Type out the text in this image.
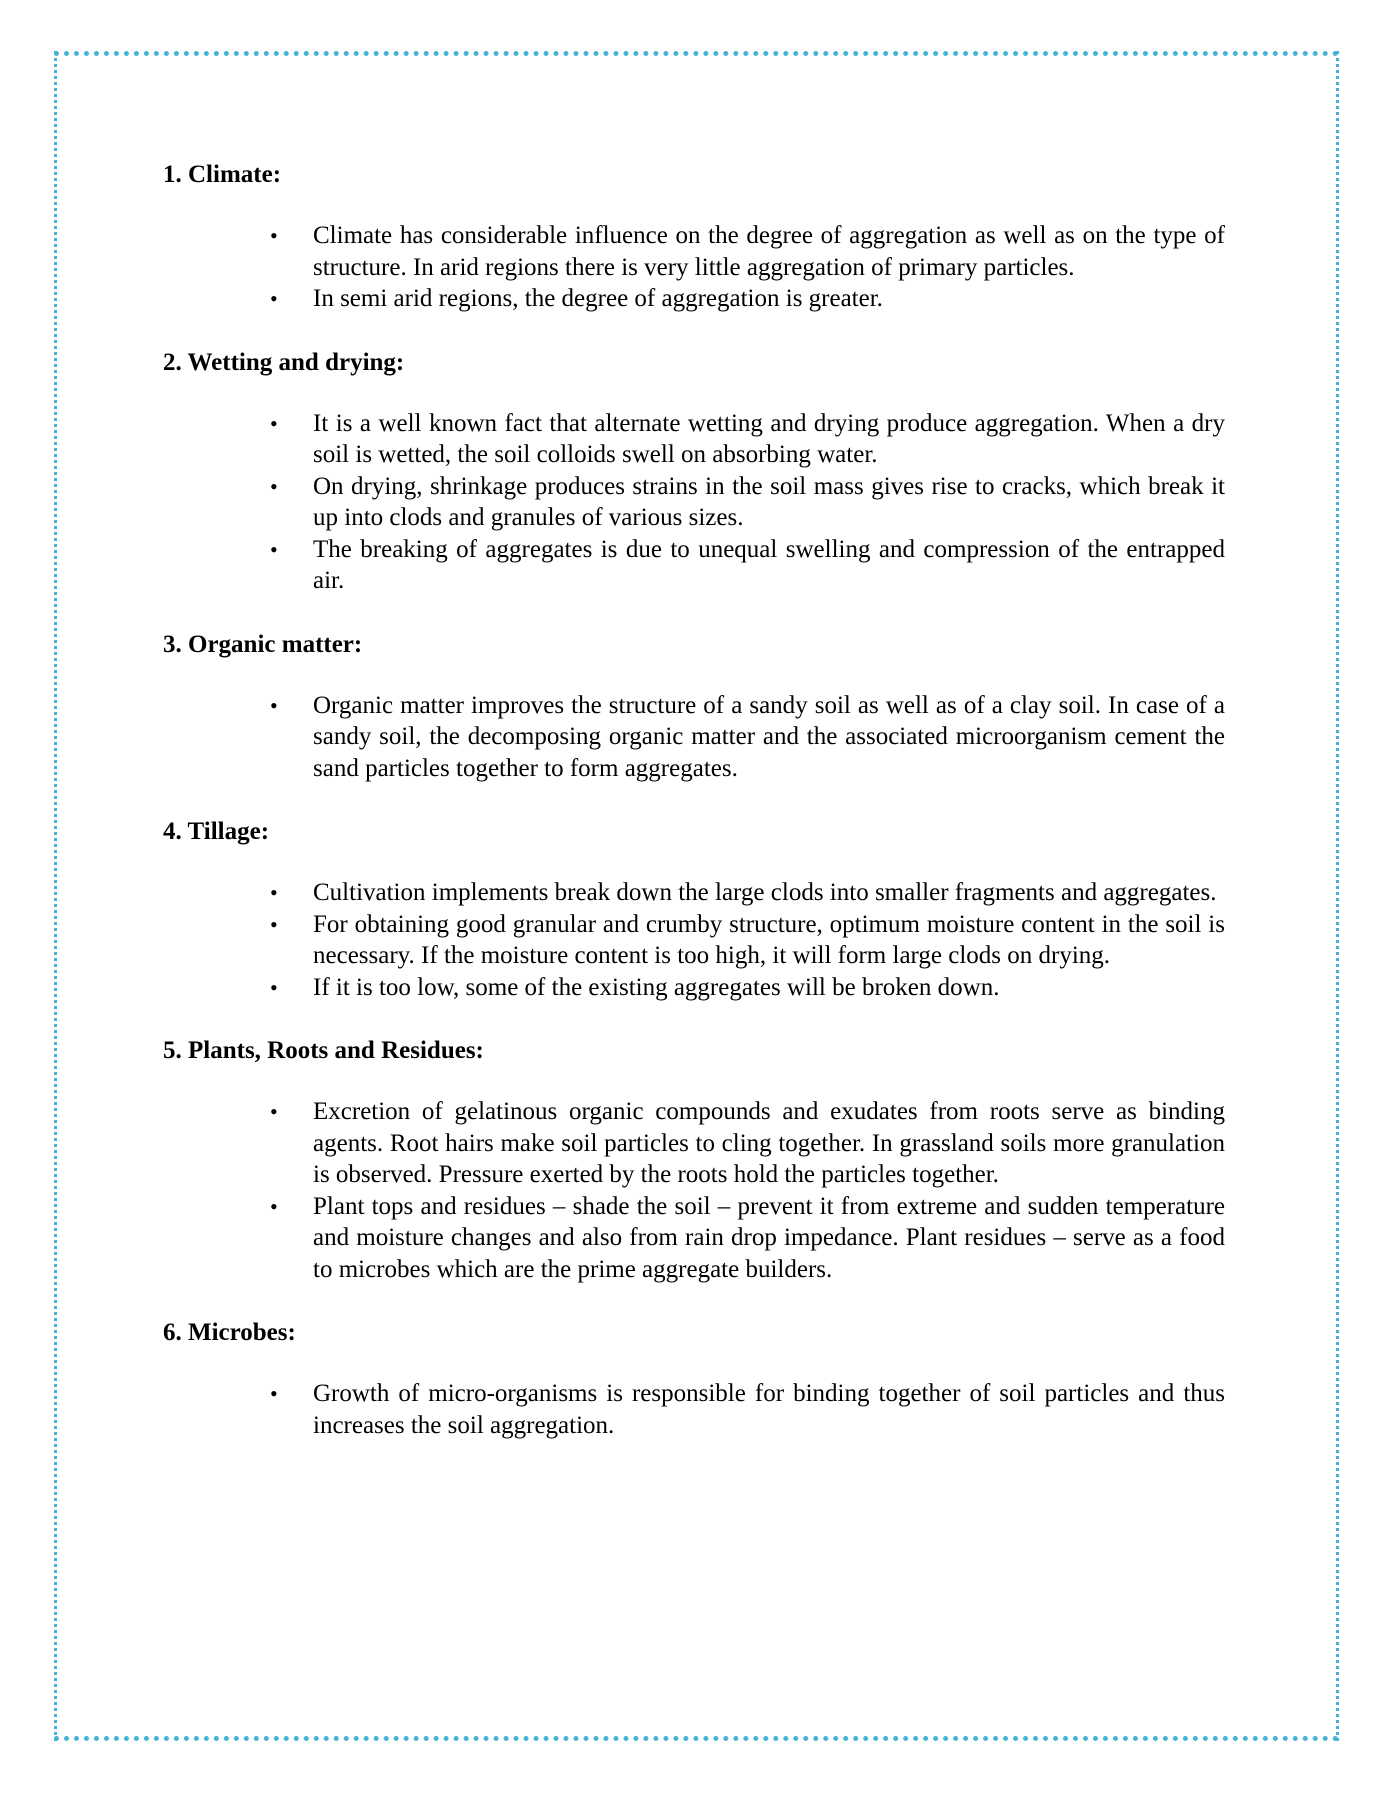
1. Climate:
• Climate has considerable influence on the degree of aggregation as well as on the type of structure. In arid regions there is very little aggregation of primary particles.
• In semi arid regions, the degree of aggregation is greater.
2. Wetting and drying:
• It is a well known fact that alternate wetting and drying produce aggregation. When a dry soil is wetted, the soil colloids swell on absorbing water.
• On drying, shrinkage produces strains in the soil mass gives rise to cracks, which break it up into clods and granules of various sizes.
• The breaking of aggregates is due to unequal swelling and compression of the entrapped air.
3. Organic matter:
• Organic matter improves the structure of a sandy soil as well as of a clay soil. In case of a sandy soil, the decomposing organic matter and the associated microorganism cement the sand particles together to form aggregates.
4. Tillage:
• Cultivation implements break down the large clods into smaller fragments and aggregates.
• For obtaining good granular and crumby structure, optimum moisture content in the soil is necessary. If the moisture content is too high, it will form large clods on drying.
• If it is too low, some of the existing aggregates will be broken down.
5. Plants, Roots and Residues:
• Excretion of gelatinous organic compounds and exudates from roots serve as binding agents. Root hairs make soil particles to cling together. In grassland soils more granulation is observed. Pressure exerted by the roots hold the particles together.
• Plant tops and residues – shade the soil – prevent it from extreme and sudden temperature and moisture changes and also from rain drop impedance. Plant residues – serve as a food to microbes which are the prime aggregate builders.
6. Microbes:
• Growth of micro-organisms is responsible for binding together of soil particles and thus increases the soil aggregation.
